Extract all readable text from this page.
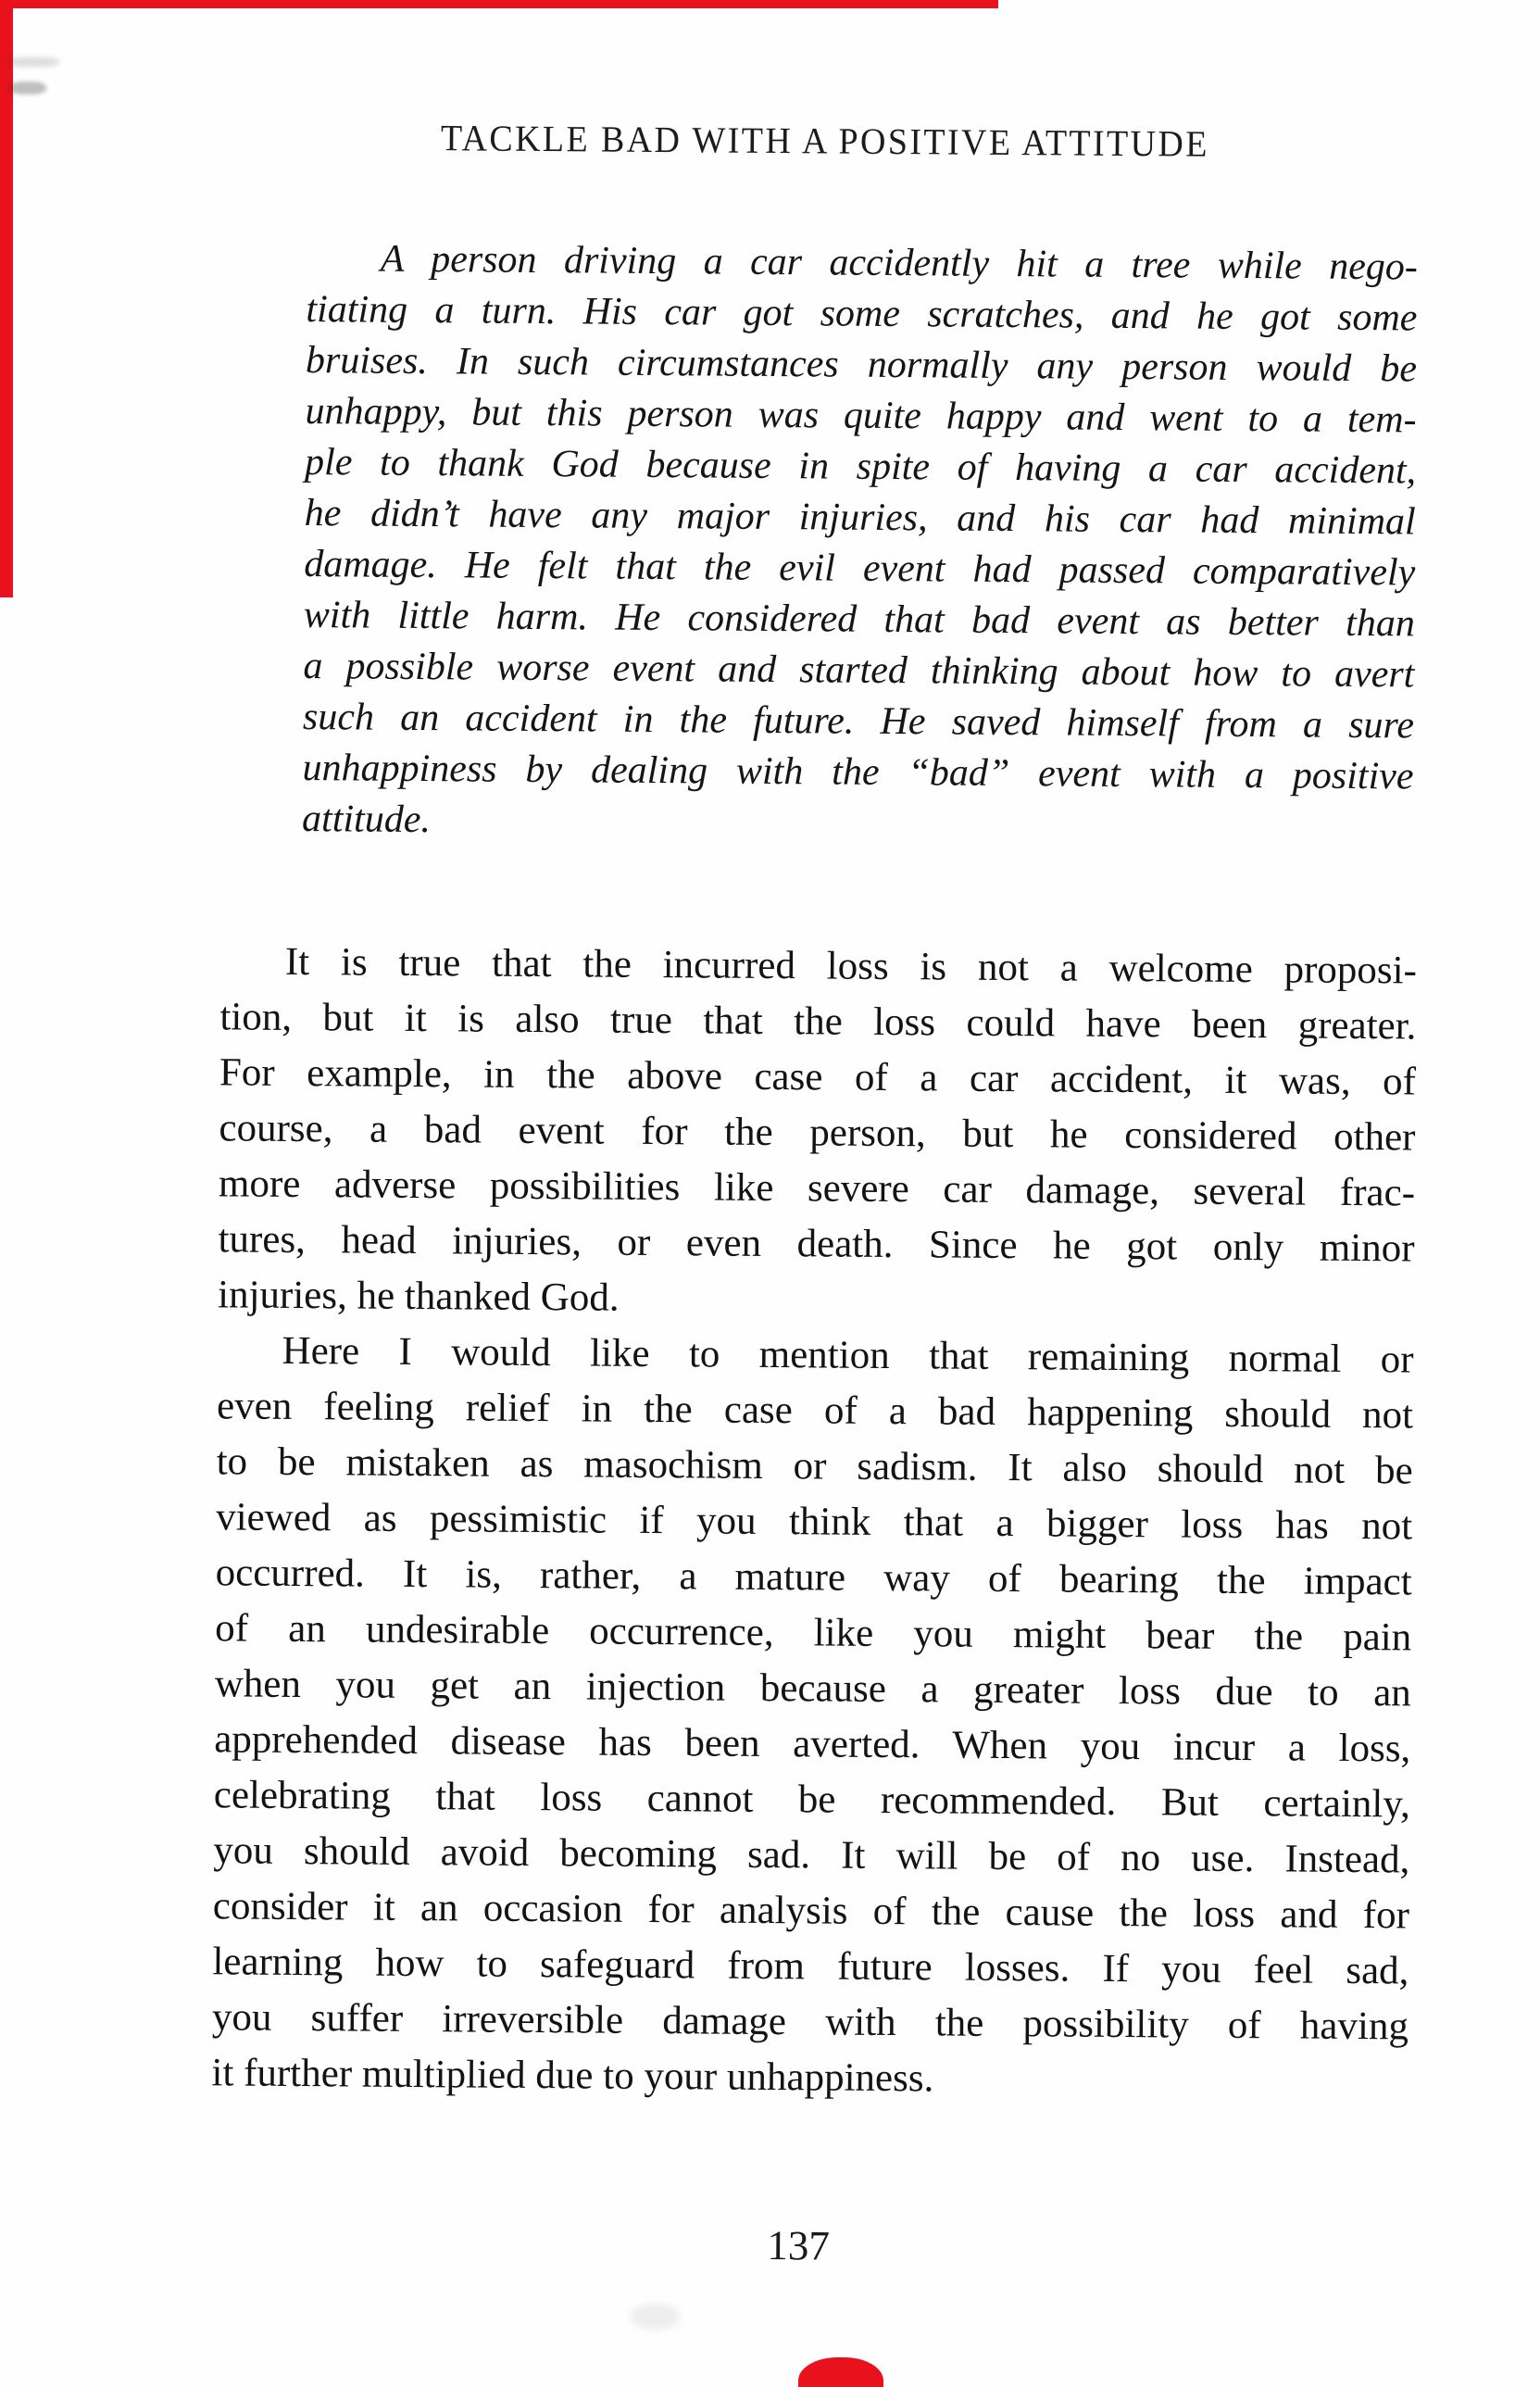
TACKLE BAD WITH A POSITIVE ATTITUDE
A person driving a car accidently hit a tree while nego-
tiating a turn. His car got some scratches, and he got some
bruises. In such circumstances normally any person would be
unhappy, but this person was quite happy and went to a tem-
ple to thank God because in spite of having a car accident,
he didn’t have any major injuries, and his car had minimal
damage. He felt that the evil event had passed comparatively
with little harm. He considered that bad event as better than
a possible worse event and started thinking about how to avert
such an accident in the future. He saved himself from a sure
unhappiness by dealing with the “bad” event with a positive
attitude.
It is true that the incurred loss is not a welcome proposi-
tion, but it is also true that the loss could have been greater.
For example, in the above case of a car accident, it was, of
course, a bad event for the person, but he considered other
more adverse possibilities like severe car damage, several frac-
tures, head injuries, or even death. Since he got only minor
injuries, he thanked God.
Here I would like to mention that remaining normal or
even feeling relief in the case of a bad happening should not
to be mistaken as masochism or sadism. It also should not be
viewed as pessimistic if you think that a bigger loss has not
occurred. It is, rather, a mature way of bearing the impact
of an undesirable occurrence, like you might bear the pain
when you get an injection because a greater loss due to an
apprehended disease has been averted. When you incur a loss,
celebrating that loss cannot be recommended. But certainly,
you should avoid becoming sad. It will be of no use. Instead,
consider it an occasion for analysis of the cause the loss and for
learning how to safeguard from future losses. If you feel sad,
you suffer irreversible damage with the possibility of having
it further multiplied due to your unhappiness.
137
